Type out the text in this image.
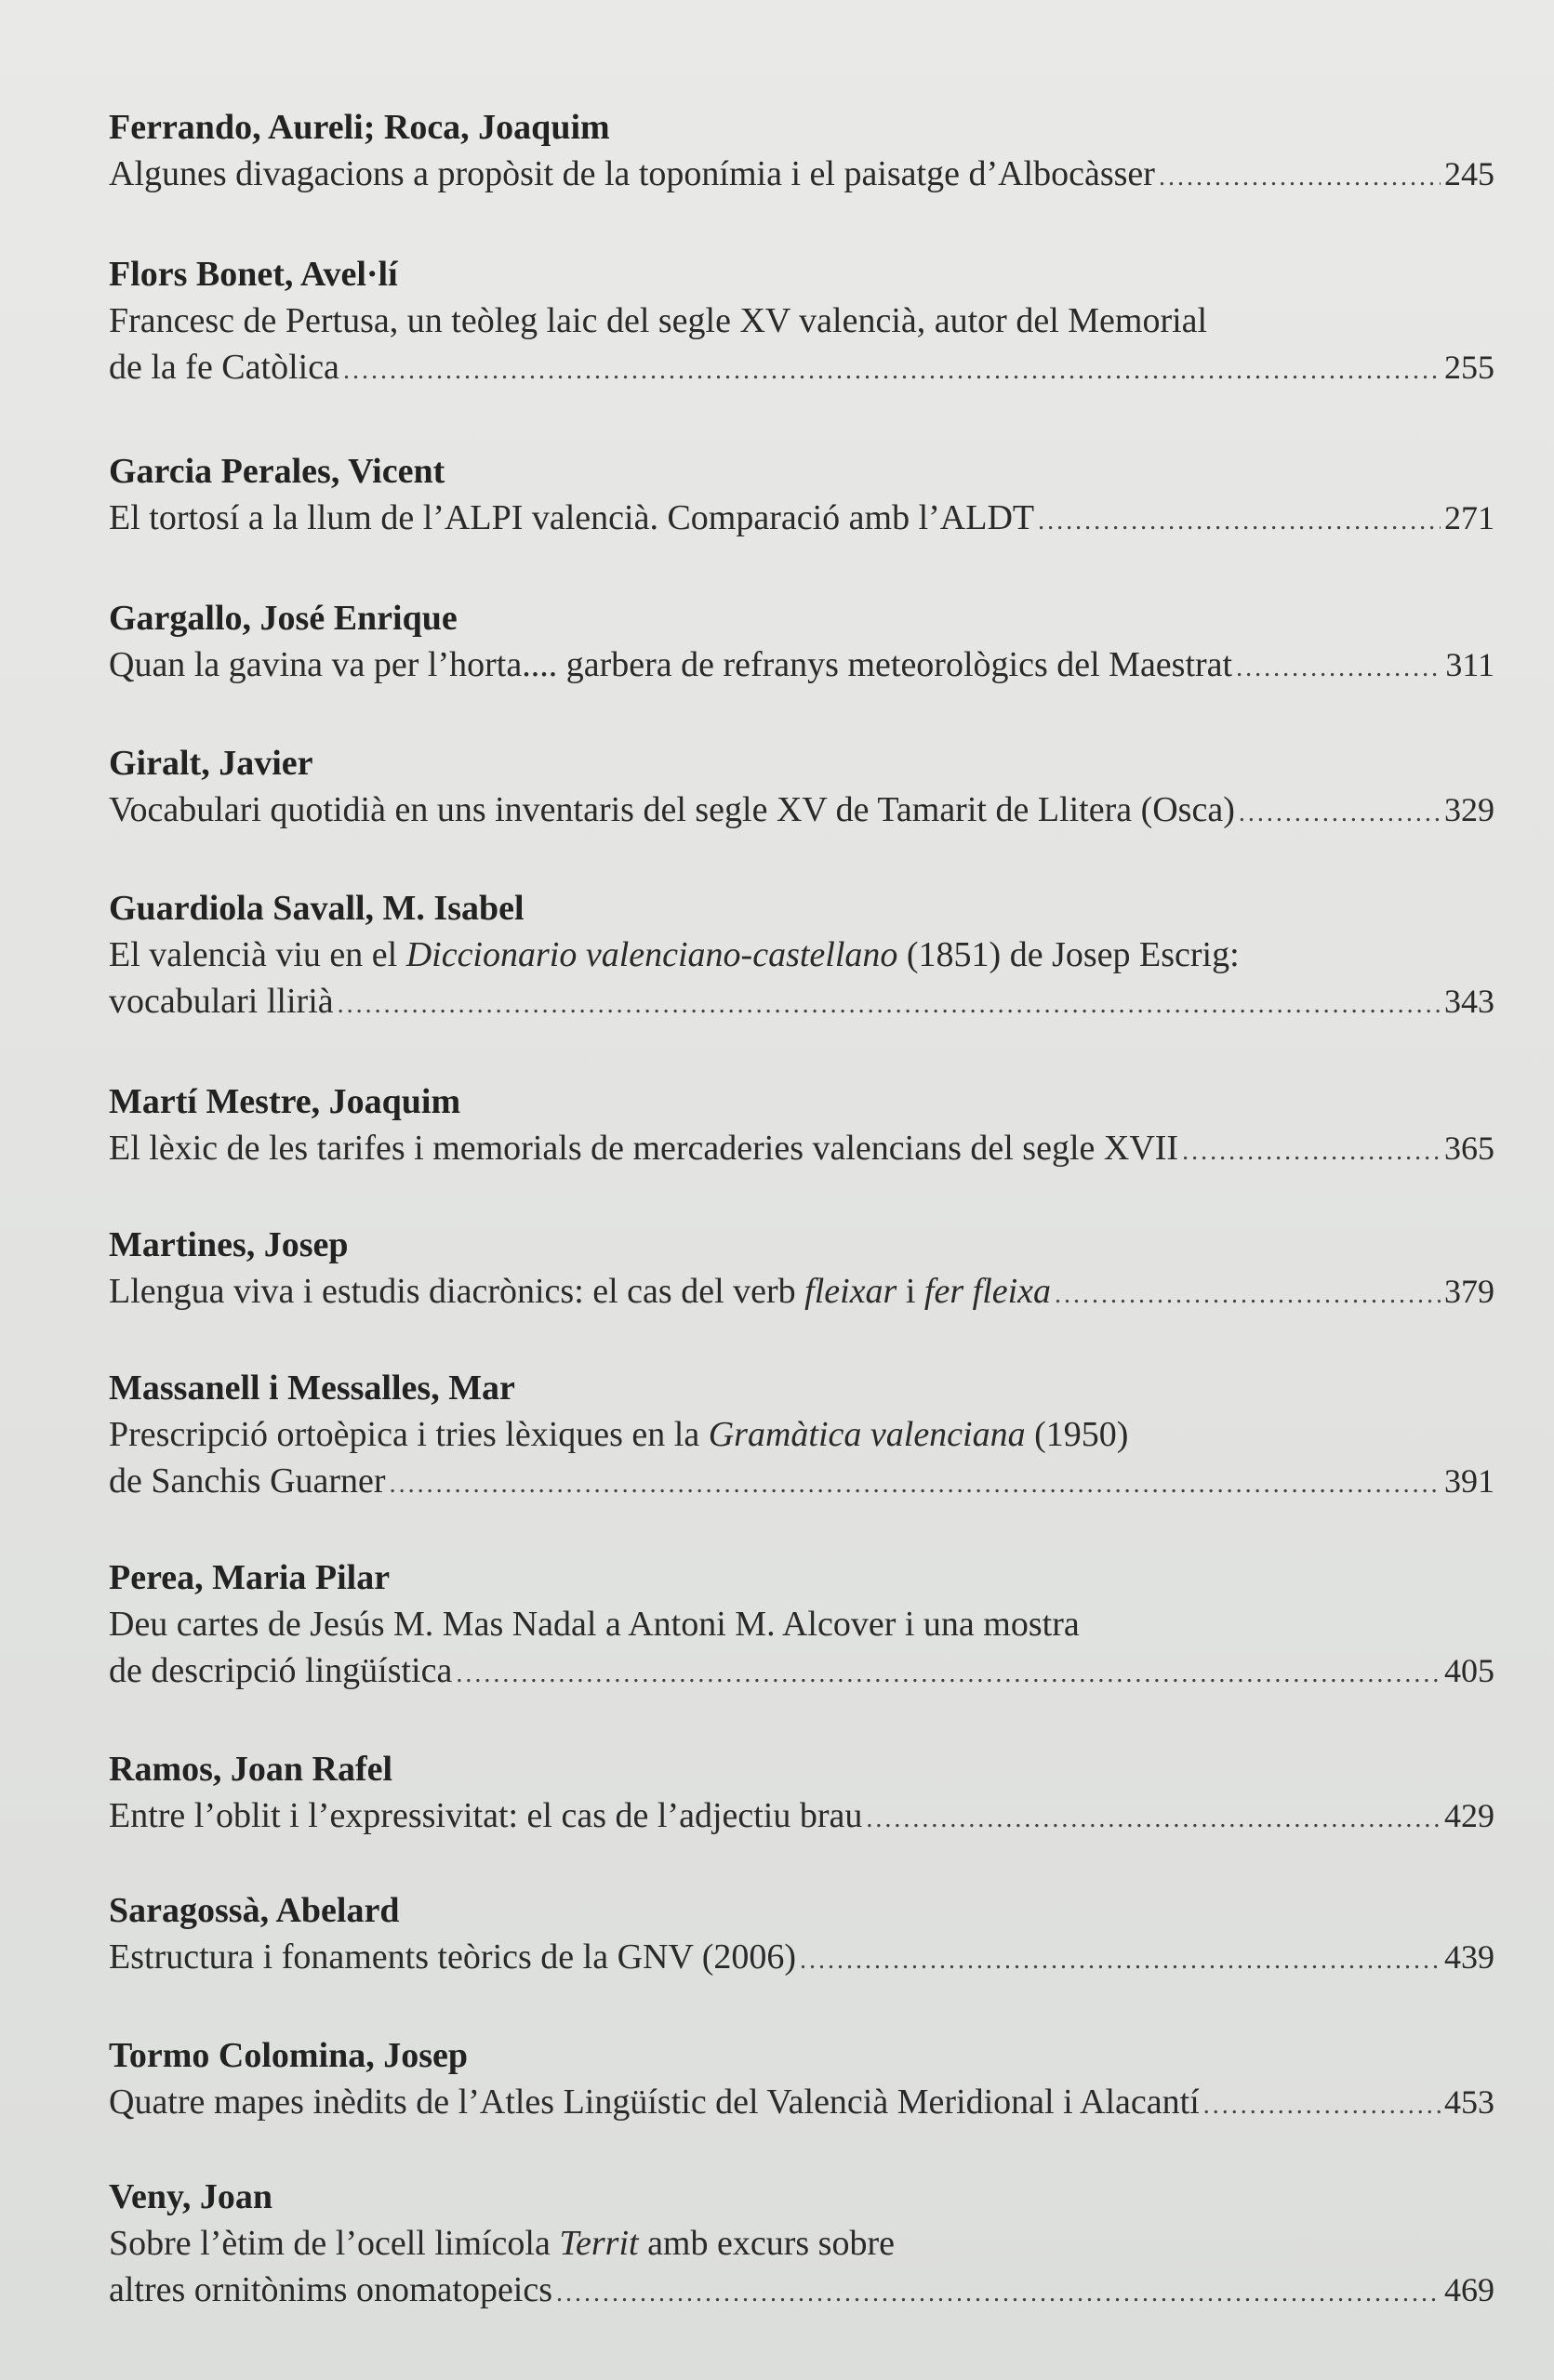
Ferrando, Aureli; Roca, Joaquim
Algunes divagacions a propòsit de la toponímia i el paisatge d’Albocàsser .....	245
Flors Bonet, Avel·lí
Francesc de Pertusa, un teòleg laic del segle XV valencià, autor del Memorial
de la fe Catòlica .....	255
Garcia Perales, Vicent
El tortosí a la llum de l’ALPI valencià. Comparació amb l’ALDT .....	271
Gargallo, José Enrique
Quan la gavina va per l’horta.... garbera de refranys meteorològics del Maestrat .....	311
Giralt, Javier
Vocabulari quotidià en uns inventaris del segle XV de Tamarit de Llitera (Osca) .....	329
Guardiola Savall, M. Isabel
El valencià viu en el Diccionario valenciano-castellano (1851) de Josep Escrig:
vocabulari llirià .....	343
Martí Mestre, Joaquim
El lèxic de les tarifes i memorials de mercaderies valencians del segle XVII .....	365
Martines, Josep
Llengua viva i estudis diacrònics: el cas del verb fleixar i fer fleixa .....	379
Massanell i Messalles, Mar
Prescripció ortoèpica i tries lèxiques en la Gramàtica valenciana (1950)
de Sanchis Guarner .....	391
Perea, Maria Pilar
Deu cartes de Jesús M. Mas Nadal a Antoni M. Alcover i una mostra
de descripció lingüística .....	405
Ramos, Joan Rafel
Entre l’oblit i l’expressivitat: el cas de l’adjectiu brau .....	429
Saragossà, Abelard
Estructura i fonaments teòrics de la GNV (2006) .....	439
Tormo Colomina, Josep
Quatre mapes inèdits de l’Atles Lingüístic del Valencià Meridional i Alacantí .....	453
Veny, Joan
Sobre l’ètim de l’ocell limícola Territ amb excurs sobre
altres ornitònims onomatopeics .....	469
